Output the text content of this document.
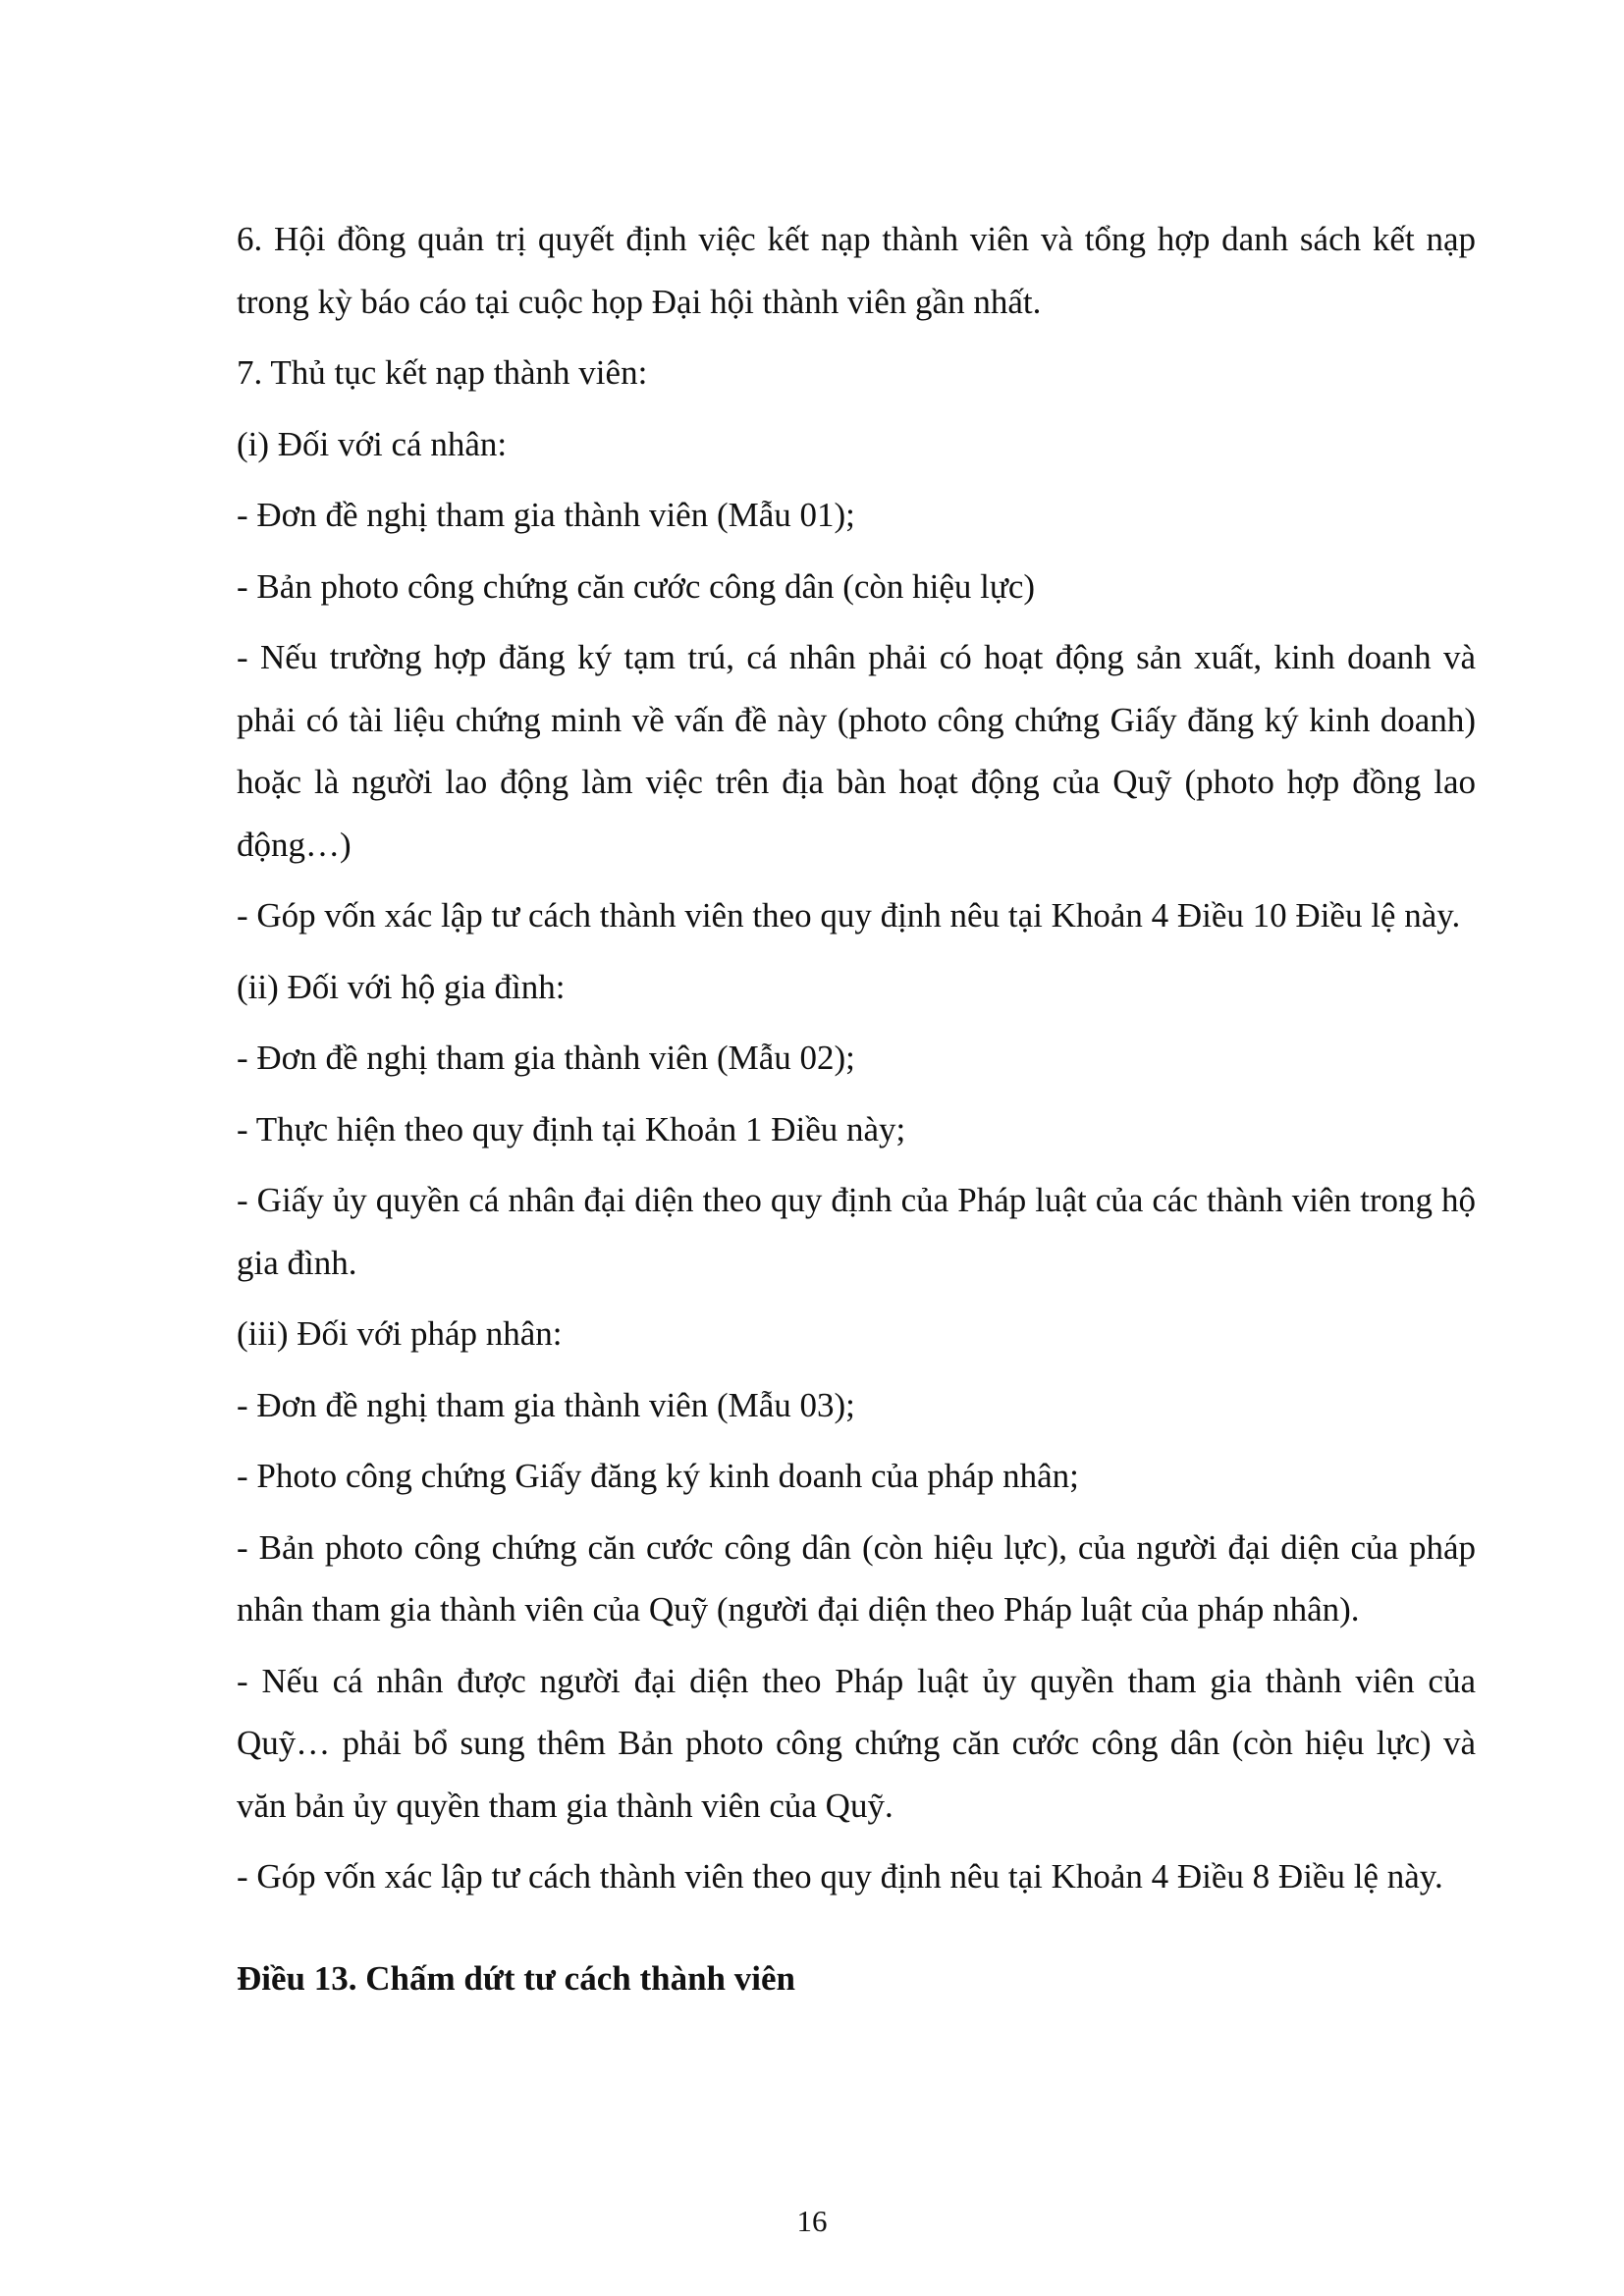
6. Hội đồng quản trị quyết định việc kết nạp thành viên và tổng hợp danh sách kết nạp trong kỳ báo cáo tại cuộc họp Đại hội thành viên gần nhất.

7. Thủ tục kết nạp thành viên:

(i) Đối với cá nhân:

- Đơn đề nghị tham gia thành viên (Mẫu 01);

- Bản photo công chứng căn cước công dân (còn hiệu lực)

- Nếu trường hợp đăng ký tạm trú, cá nhân phải có hoạt động sản xuất, kinh doanh và phải có tài liệu chứng minh về vấn đề này (photo công chứng Giấy đăng ký kinh doanh) hoặc là người lao động làm việc trên địa bàn hoạt động của Quỹ (photo hợp đồng lao động…)

- Góp vốn xác lập tư cách thành viên theo quy định nêu tại Khoản 4 Điều 10 Điều lệ này.

(ii) Đối với hộ gia đình:

- Đơn đề nghị tham gia thành viên (Mẫu 02);

- Thực hiện theo quy định tại Khoản 1 Điều này;

- Giấy ủy quyền cá nhân đại diện theo quy định của Pháp luật của các thành viên trong hộ gia đình.

(iii) Đối với pháp nhân:

- Đơn đề nghị tham gia thành viên (Mẫu 03);

- Photo công chứng Giấy đăng ký kinh doanh của pháp nhân;

- Bản photo công chứng căn cước công dân (còn hiệu lực), của người đại diện của pháp nhân tham gia thành viên của Quỹ (người đại diện theo Pháp luật của pháp nhân).

- Nếu cá nhân được người đại diện theo Pháp luật ủy quyền tham gia thành viên của Quỹ… phải bổ sung thêm Bản photo công chứng căn cước công dân (còn hiệu lực) và văn bản ủy quyền tham gia thành viên của Quỹ.

- Góp vốn xác lập tư cách thành viên theo quy định nêu tại Khoản 4 Điều 8 Điều lệ này.

Điều 13. Chấm dứt tư cách thành viên
16
